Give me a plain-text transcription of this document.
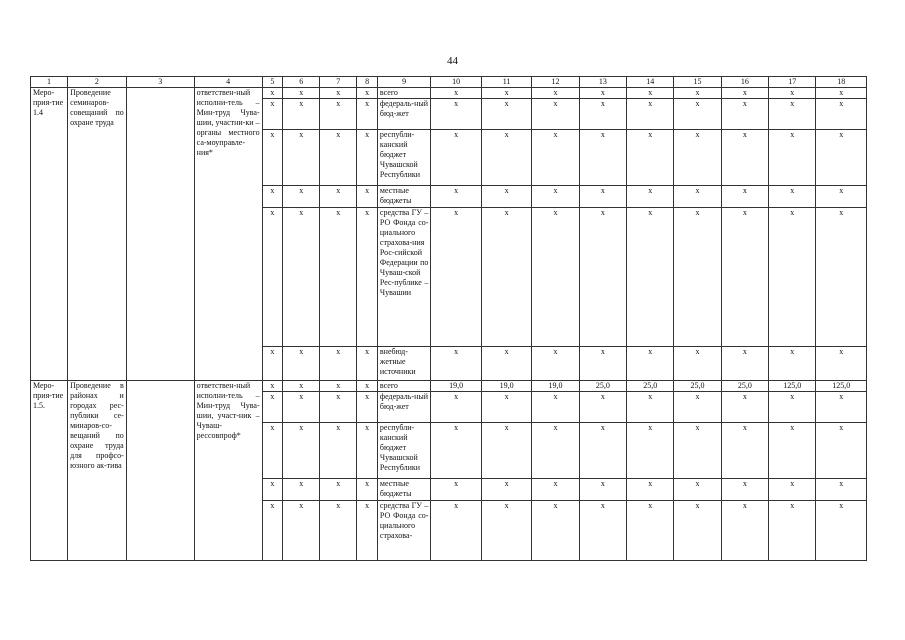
44
1	2	3	4	5	6	7	8	9	10	11	12	13	14	15	16	17	18
Меро-прия-тие 1.4	Проведение семинаров-совещаний по охране труда		ответствен-ный исполни-тель – Мин-труд Чува-шии, участни-ки – органы местного са-моуправле-ния*	x	x	x	x	всего	x	x	x	x	x	x	x	x	x
				x	x	x	x	федераль-ный бюд-жет	x	x	x	x	x	x	x	x	x
				x	x	x	x	республи-канский бюджет Чувашской Республики	x	x	x	x	x	x	x	x	x
				x	x	x	x	местные бюджеты	x	x	x	x	x	x	x	x	x
				x	x	x	x	средства ГУ – РО Фонда со-циального страхова-ния Рос-сийской Федерации по Чуваш-ской Рес-публике – Чувашии	x	x	x	x	x	x	x	x	x
				x	x	x	x	внебюд-жетные источники	x	x	x	x	x	x	x	x	x
Меро-прия-тие 1.5.	Проведение в районах и городах рес-публики се-минаров-со-вещаний по охране труда для профсо-юзного ак-тива		ответствен-ный исполни-тель – Мин-труд Чува-шии, участ-ник – Чуваш-рессовпроф*	x	x	x	x	всего	19,0	19,0	19,0	25,0	25,0	25,0	25,0	125,0	125,0
				x	x	x	x	федераль-ный бюд-жет	x	x	x	x	x	x	x	x	x
				x	x	x	x	республи-канский бюджет Чувашской Республики	x	x	x	x	x	x	x	x	x
				x	x	x	x	местные бюджеты	x	x	x	x	x	x	x	x	x
				x	x	x	x	средства ГУ – РО Фонда со-циального страхова-	x	x	x	x	x	x	x	x	x
